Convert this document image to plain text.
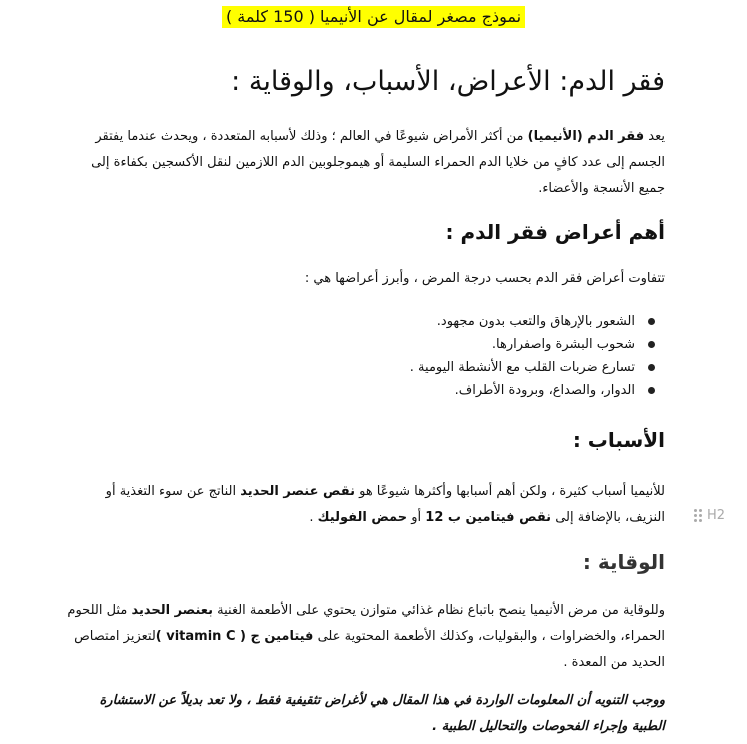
نموذج مصغر لمقال عن الأنيميا ( 150 كلمة )
فقر الدم: الأعراض، الأسباب، والوقاية :
يعد فقر الدم (الأنيميا) من أكثر الأمراض شيوعًا في العالم ؛ وذلك لأسبابه المتعددة ، ويحدث عندما يفتقر الجسم إلى عدد كافٍ من خلايا الدم الحمراء السليمة أو هيموجلوبين الدم اللازمين لنقل الأكسجين بكفاءة إلى جميع الأنسجة والأعضاء.
أهم أعراض فقر الدم :
تتفاوت أعراض فقر الدم بحسب درجة المرض ، وأبرز أعراضها هي :
الشعور بالإرهاق والتعب بدون مجهود.
شحوب البشرة واصفرارها.
تسارع ضربات القلب مع الأنشطة اليومية .
الدوار، والصداع، وبرودة الأطراف.
الأسباب :
للأنيميا أسباب كثيرة ، ولكن أهم أسبابها وأكثرها شيوعًا هو نقص عنصر الحديد الناتج عن سوء التغذية أو النزيف، بالإضافة إلى نقص فيتامين ب 12 أو حمض الفوليك .	H2
الوقاية :
وللوقاية من مرض الأنيميا ينصح باتباع نظام غذائي متوازن يحتوي على الأطعمة الغنية بعنصر الحديد مثل اللحوم الحمراء، والخضراوات ، والبقوليات، وكذلك الأطعمة المحتوية على فيتامين ج ( vitamin C )لتعزيز امتصاص الحديد من المعدة .
ووجب التنويه أن المعلومات الواردة في هذا المقال هي لأغراض تثقيفية فقط ، ولا تعد بديلاً عن الاستشارة الطبية وإجراء الفحوصات والتحاليل الطبية .
